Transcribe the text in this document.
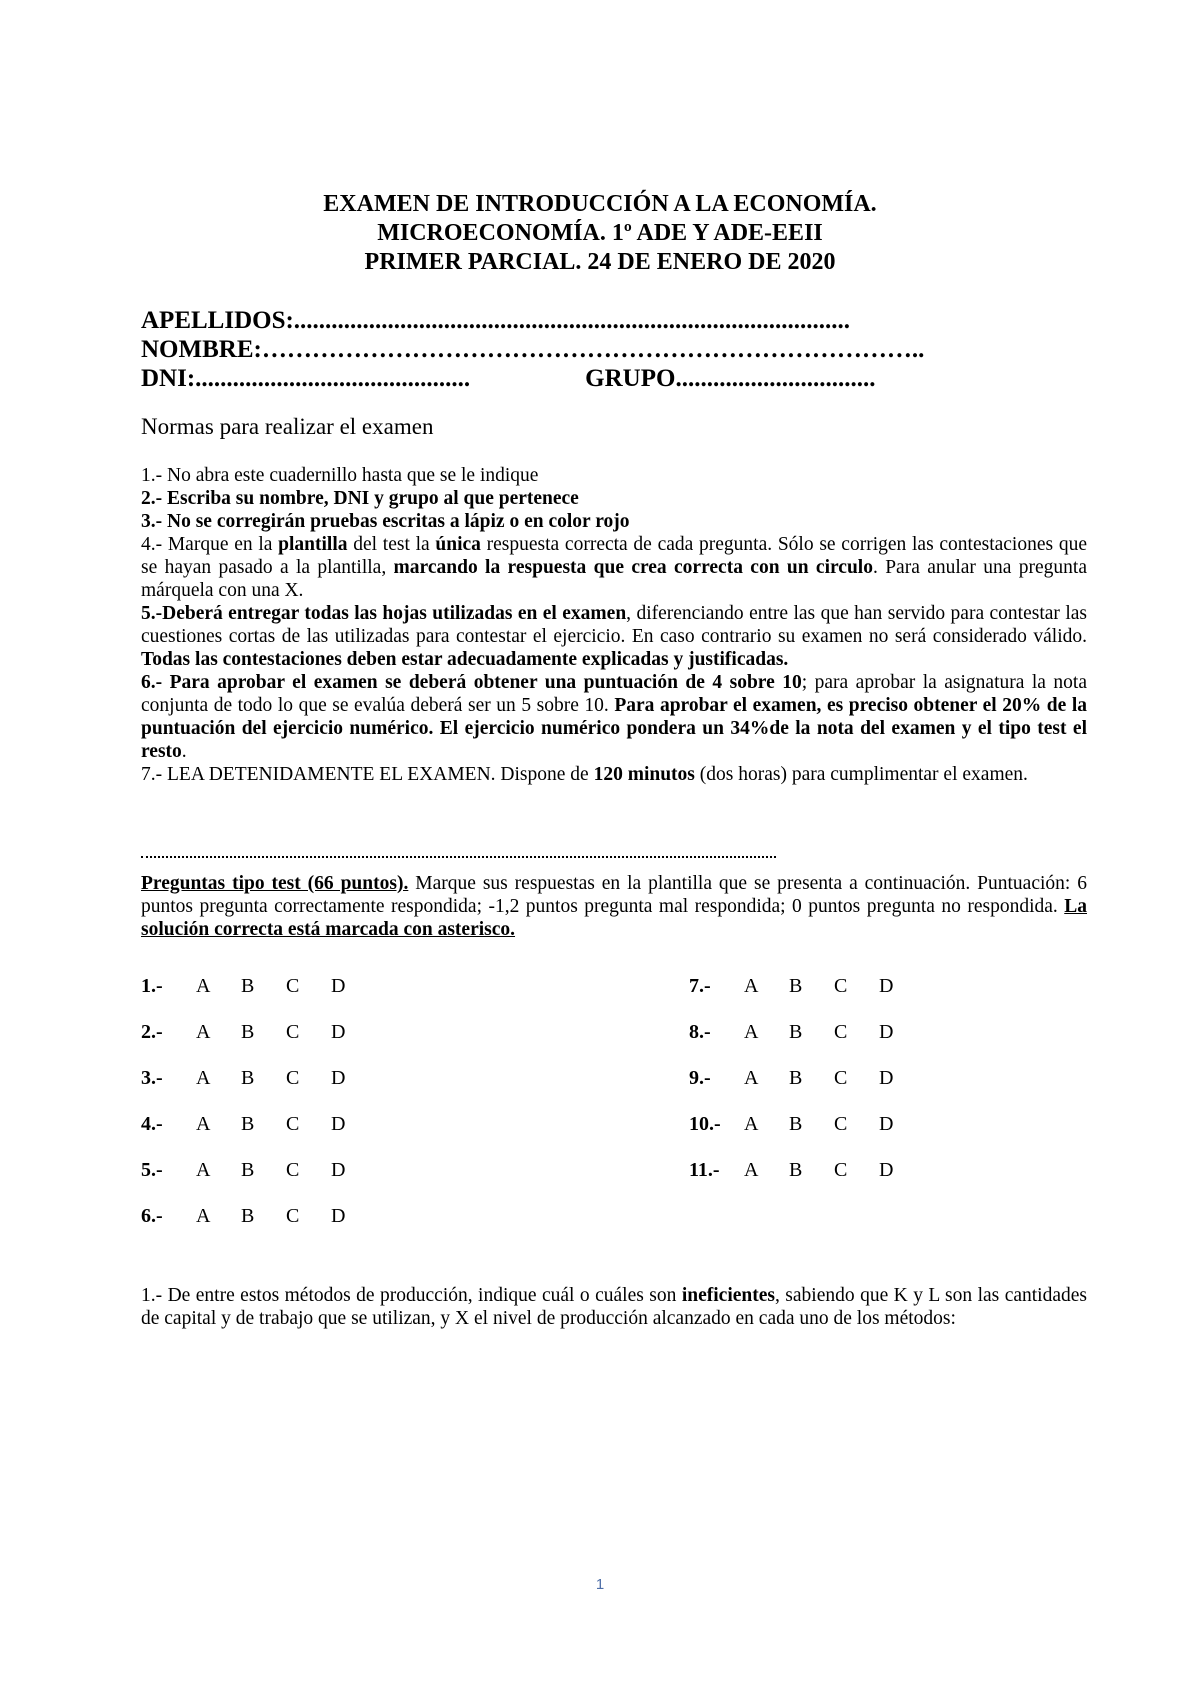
EXAMEN DE INTRODUCCIÓN A LA ECONOMÍA.
MICROECONOMÍA. 1º ADE Y ADE-EEII
PRIMER PARCIAL. 24 DE ENERO DE 2020
APELLIDOS:.........................................................................................
NOMBRE:……………………………………………………………………..
DNI:............................................	GRUPO................................
Normas para realizar el examen

1.- No abra este cuadernillo hasta que se le indique

2.- Escriba su nombre, DNI y grupo al que pertenece

3.- No se corregirán pruebas escritas a lápiz o en color rojo

4.- Marque en la plantilla del test la única respuesta correcta de cada pregunta. Sólo se corrigen las contestaciones que se hayan pasado a la plantilla, marcando la respuesta que crea correcta con un circulo. Para anular una pregunta márquela con una X.

5.-Deberá entregar todas las hojas utilizadas en el examen, diferenciando entre las que han servido para contestar las cuestiones cortas de las utilizadas para contestar el ejercicio. En caso contrario su examen no será considerado válido. Todas las contestaciones deben estar adecuadamente explicadas y justificadas.

6.- Para aprobar el examen se deberá obtener una puntuación de 4 sobre 10; para aprobar la asignatura la nota conjunta de todo lo que se evalúa deberá ser un 5 sobre 10. Para aprobar el examen, es preciso obtener el 20% de la puntuación del ejercicio numérico. El ejercicio numérico pondera un 34%de la nota del examen y el tipo test el resto.

7.- LEA DETENIDAMENTE EL EXAMEN. Dispone de 120 minutos (dos horas) para cumplimentar el examen.

Preguntas tipo test (66 puntos). Marque sus respuestas en la plantilla que se presenta a continuación. Puntuación: 6 puntos pregunta correctamente respondida; -1,2 puntos pregunta mal respondida; 0 puntos pregunta no respondida. La solución correcta está marcada con asterisco.

1.-	A	B	C	D
2.-	A	B	C	D
3.-	A	B	C	D
4.-	A	B	C	D
5.-	A	B	C	D
6.-	A	B	C	D
7.-	A	B	C	D
8.-	A	B	C	D
9.-	A	B	C	D
10.-	A	B	C	D
11.-	A	B	C	D

1.- De entre estos métodos de producción, indique cuál o cuáles son ineficientes, sabiendo que K y L son las cantidades de capital y de trabajo que se utilizan, y X el nivel de producción alcanzado en cada uno de los métodos:

1
